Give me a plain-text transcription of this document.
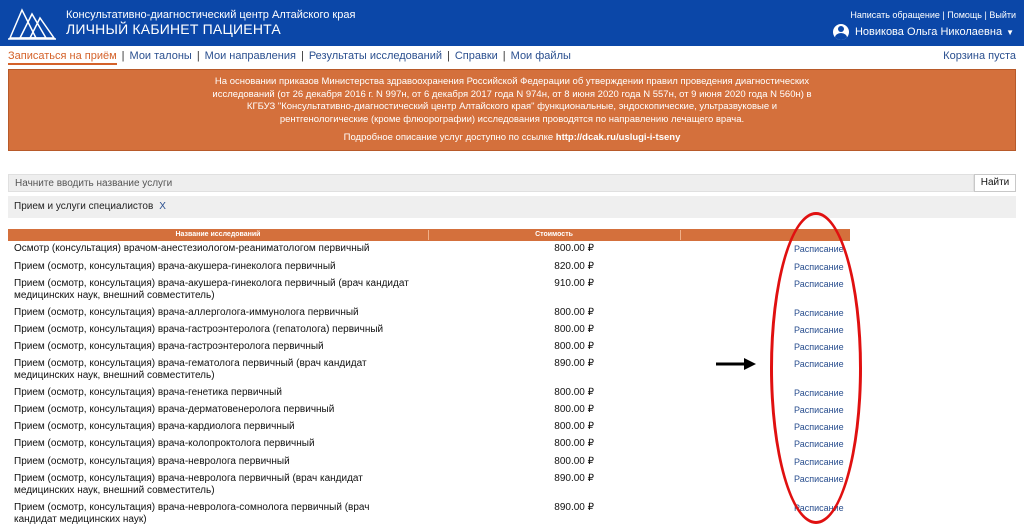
Консультативно-диагностический центр Алтайского края
ЛИЧНЫЙ КАБИНЕТ ПАЦИЕНТА
Написать обращение | Помощь | Выйти
Новикова Ольга Николаевна ▼
Записаться на приём | Мои талоны | Мои направления | Результаты исследований | Справки | Мои файлы	Корзина пуста
На основании приказов Министерства здравоохранения Российской Федерации об утверждении правил проведения диагностических
исследований (от 26 декабря 2016 г. N 997н, от 6 декабря 2017 года N 974н, от 8 июня 2020 года N 557н, от 9 июня 2020 года N 560н) в
КГБУЗ "Консультативно-диагностический центр Алтайского края" функциональные, эндоскопические, ультразвуковые и
рентгенологические (кроме флюорографии) исследования проводятся по направлению лечащего врача.
Подробное описание услуг доступно по ссылке http://dcak.ru/uslugi-i-tseny
Начните вводить название услуги	Найти
Прием и услуги специалистов X
Название исследований	Стоимость
Осмотр (консультация) врачом-анестезиологом-реаниматологом первичный	800.00 ₽	Расписание
Прием (осмотр, консультация) врача-акушера-гинеколога первичный	820.00 ₽	Расписание
Прием (осмотр, консультация) врача-акушера-гинеколога первичный (врач кандидат медицинских наук, внешний совместитель)
910.00 ₽	Расписание
Прием (осмотр, консультация) врача-аллерголога-иммунолога первичный	800.00 ₽	Расписание
Прием (осмотр, консультация) врача-гастроэнтеролога (гепатолога) первичный	800.00 ₽	Расписание
Прием (осмотр, консультация) врача-гастроэнтеролога первичный	800.00 ₽	Расписание
Прием (осмотр, консультация) врача-гематолога первичный (врач кандидат медицинских наук, внешний совместитель)
890.00 ₽	Расписание
Прием (осмотр, консультация) врача-генетика первичный	800.00 ₽	Расписание
Прием (осмотр, консультация) врача-дерматовенеролога первичный	800.00 ₽	Расписание
Прием (осмотр, консультация) врача-кардиолога первичный	800.00 ₽	Расписание
Прием (осмотр, консультация) врача-колопроктолога первичный	800.00 ₽	Расписание
Прием (осмотр, консультация) врача-невролога первичный	800.00 ₽	Расписание
Прием (осмотр, консультация) врача-невролога первичный (врач кандидат медицинских наук, внешний совместитель)
890.00 ₽	Расписание
Прием (осмотр, консультация) врача-невролога-сомнолога первичный (врач кандидат медицинских наук)
890.00 ₽	Расписание
